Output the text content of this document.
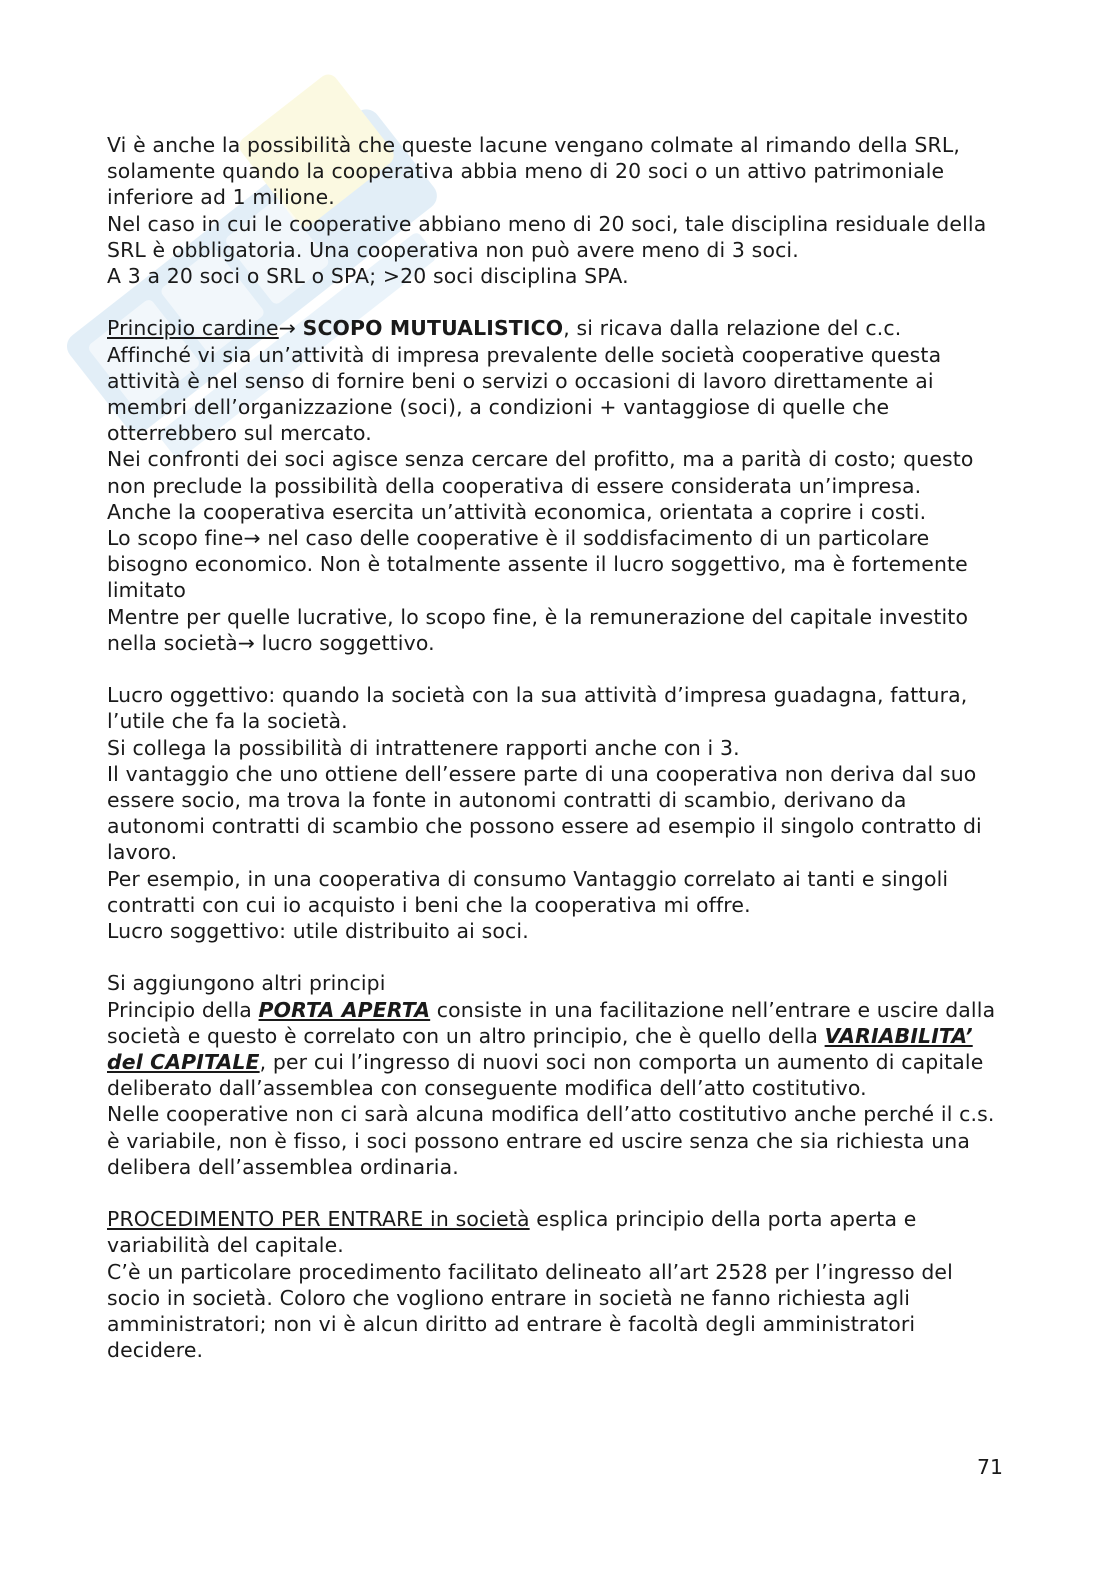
Vi è anche la possibilità che queste lacune vengano colmate al rimando della SRL, solamente quando la cooperativa abbia meno di 20 soci o un attivo patrimoniale inferiore ad 1 milione.

Nel caso in cui le cooperative abbiano meno di 20 soci, tale disciplina residuale della SRL è obbligatoria. Una cooperativa non può avere meno di 3 soci.

A 3 a 20 soci o SRL o SPA; >20 soci disciplina SPA.

Principio cardine→ SCOPO MUTUALISTICO, si ricava dalla relazione del c.c.

Affinché vi sia un’attività di impresa prevalente delle società cooperative questa attività è nel senso di fornire beni o servizi o occasioni di lavoro direttamente ai membri dell’organizzazione (soci), a condizioni + vantaggiose di quelle che otterrebbero sul mercato.

Nei confronti dei soci agisce senza cercare del profitto, ma a parità di costo; questo non preclude la possibilità della cooperativa di essere considerata un’impresa.

Anche la cooperativa esercita un’attività economica, orientata a coprire i costi.

Lo scopo fine→ nel caso delle cooperative è il soddisfacimento di un particolare bisogno economico. Non è totalmente assente il lucro soggettivo, ma è fortemente limitato

Mentre per quelle lucrative, lo scopo fine, è la remunerazione del capitale investito nella società→ lucro soggettivo.

Lucro oggettivo: quando la società con la sua attività d’impresa guadagna, fattura, l’utile che fa la società.

Si collega la possibilità di intrattenere rapporti anche con i 3.

Il vantaggio che uno ottiene dell’essere parte di una cooperativa non deriva dal suo essere socio, ma trova la fonte in autonomi contratti di scambio, derivano da autonomi contratti di scambio che possono essere ad esempio il singolo contratto di lavoro.

Per esempio, in una cooperativa di consumo Vantaggio correlato ai tanti e singoli contratti con cui io acquisto i beni che la cooperativa mi offre.

Lucro soggettivo: utile distribuito ai soci.

Si aggiungono altri principi

Principio della PORTA APERTA consiste in una facilitazione nell’entrare e uscire dalla società e questo è correlato con un altro principio, che è quello della VARIABILITA’ del CAPITALE, per cui l’ingresso di nuovi soci non comporta un aumento di capitale deliberato dall’assemblea con conseguente modifica dell’atto costitutivo.

Nelle cooperative non ci sarà alcuna modifica dell’atto costitutivo anche perché il c.s. è variabile, non è fisso, i soci possono entrare ed uscire senza che sia richiesta una delibera dell’assemblea ordinaria.

PROCEDIMENTO PER ENTRARE in società esplica principio della porta aperta e variabilità del capitale.

C’è un particolare procedimento facilitato delineato all’art 2528 per l’ingresso del socio in società. Coloro che vogliono entrare in società ne fanno richiesta agli amministratori; non vi è alcun diritto ad entrare è facoltà degli amministratori decidere.

71
